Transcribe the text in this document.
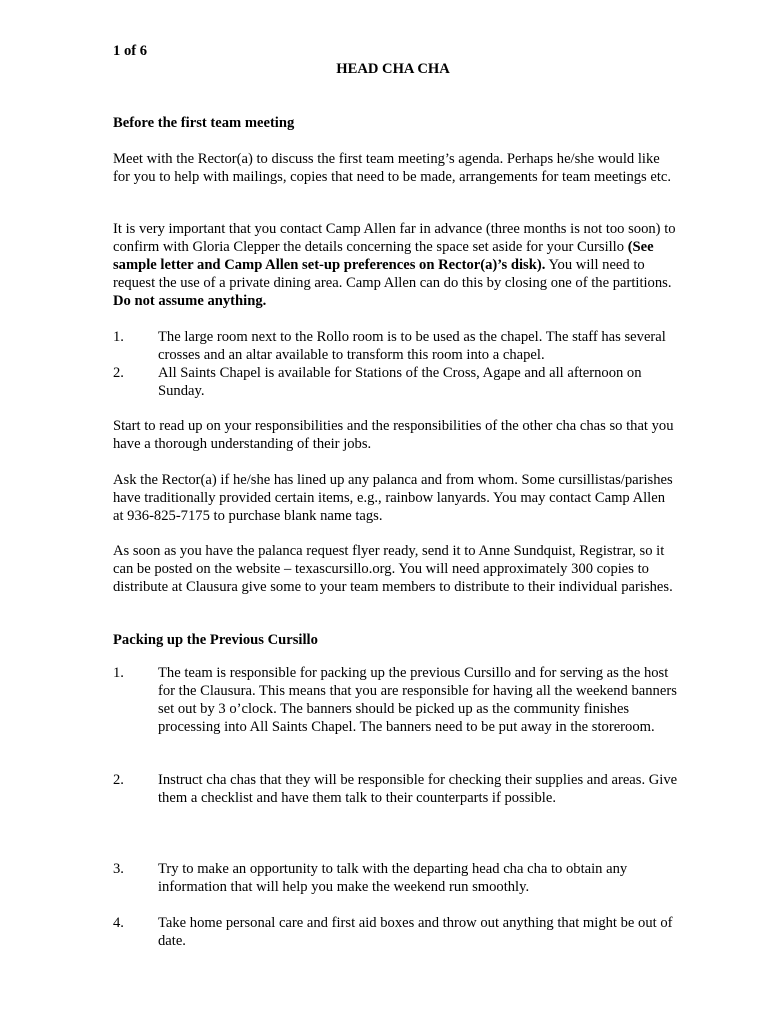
1 of 6
HEAD CHA CHA

Before the first team meeting

Meet with the Rector(a) to discuss the first team meeting’s agenda. Perhaps he/she would like for you to help with mailings, copies that need to be made, arrangements for team meetings etc.

It is very important that you contact Camp Allen far in advance (three months is not too soon) to confirm with Gloria Clepper the details concerning the space set aside for your Cursillo (See sample letter and Camp Allen set-up preferences on Rector(a)’s disk). You will need to request the use of a private dining area. Camp Allen can do this by closing one of the partitions. Do not assume anything.

1.	The large room next to the Rollo room is to be used as the chapel. The staff has several crosses and an altar available to transform this room into a chapel.

2.	All Saints Chapel is available for Stations of the Cross, Agape and all afternoon on Sunday.

Start to read up on your responsibilities and the responsibilities of the other cha chas so that you have a thorough understanding of their jobs.

Ask the Rector(a) if he/she has lined up any palanca and from whom. Some cursillistas/parishes have traditionally provided certain items, e.g., rainbow lanyards. You may contact Camp Allen at 936-825-7175 to purchase blank name tags.

As soon as you have the palanca request flyer ready, send it to Anne Sundquist, Registrar, so it can be posted on the website – texascursillo.org. You will need approximately 300 copies to distribute at Clausura give some to your team members to distribute to their individual parishes.

Packing up the Previous Cursillo

1.	The team is responsible for packing up the previous Cursillo and for serving as the host for the Clausura. This means that you are responsible for having all the weekend banners set out by 3 o’clock. The banners should be picked up as the community finishes processing into All Saints Chapel. The banners need to be put away in the storeroom.

2.	Instruct cha chas that they will be responsible for checking their supplies and areas. Give them a checklist and have them talk to their counterparts if possible.

3.	Try to make an opportunity to talk with the departing head cha cha to obtain any information that will help you make the weekend run smoothly.

4.	Take home personal care and first aid boxes and throw out anything that might be out of date.
